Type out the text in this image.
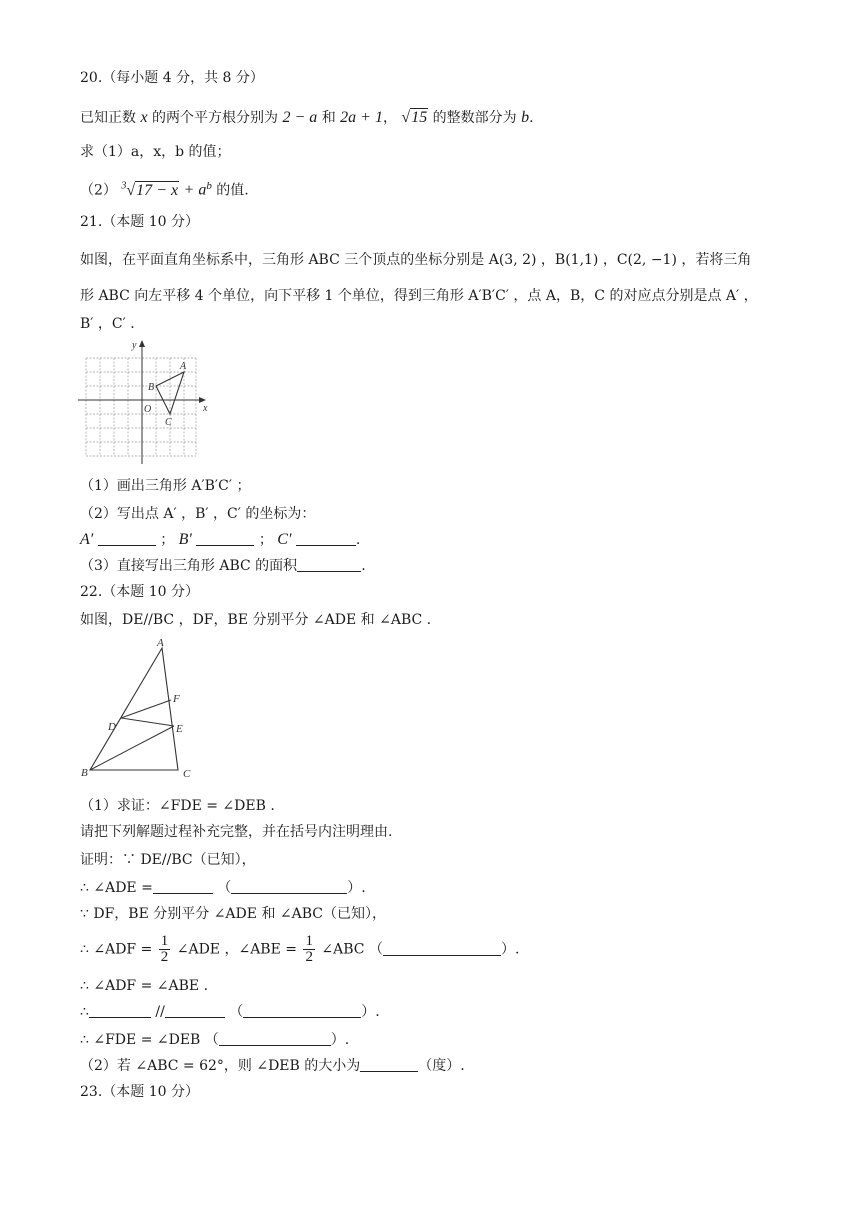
20.（每小题 4 分，共 8 分）
已知正数 x 的两个平方根分别为 2 − a 和 2a + 1， √15 的整数部分为 b.
求（1）a，x，b 的值；
（2） $^3√17 - x + a^b$ 的值.
21.（本题 10 分）
如图，在平面直角坐标系中，三角形 ABC 三个顶点的坐标分别是 A(3, 2) ，B(1,1) ，C(2, −1) ，若将三角
形 ABC 向左平移 4 个单位，向下平移 1 个单位，得到三角形 A′B′C′ ，点 A，B，C 的对应点分别是点 A′ ，
B′ ，C′ .
x
y
O
A
B
C
（1）画出三角形 A′B′C′ ；
（2）写出点 A′ ，B′ ，C′ 的坐标为：
A′	； B′	； C′	.
（3）直接写出三角形 ABC 的面积	.
22.（本题 10 分）
如图，DE//BC ，DF，BE 分别平分 ∠ADE 和 ∠ABC .
A
B	C
D	E
F
（1）求证：∠FDE = ∠DEB .
请把下列解题过程补充完整，并在括号内注明理由.
证明：∵ DE//BC（已知），
∴ ∠ADE =	（	）.
∵ DF，BE 分别平分 ∠ADE 和 ∠ABC（已知），
∴ ∠ADF = $\frac{1}{2}$ ∠ADE ，∠ABE = $\frac{1}{2}$ ∠ABC （	）.
∴ ∠ADF = ∠ABE .
∴	//	（	）.
∴ ∠FDE = ∠DEB （	）.
（2）若 ∠ABC = 62°，则 ∠DEB 的大小为	（度）.
23.（本题 10 分）
